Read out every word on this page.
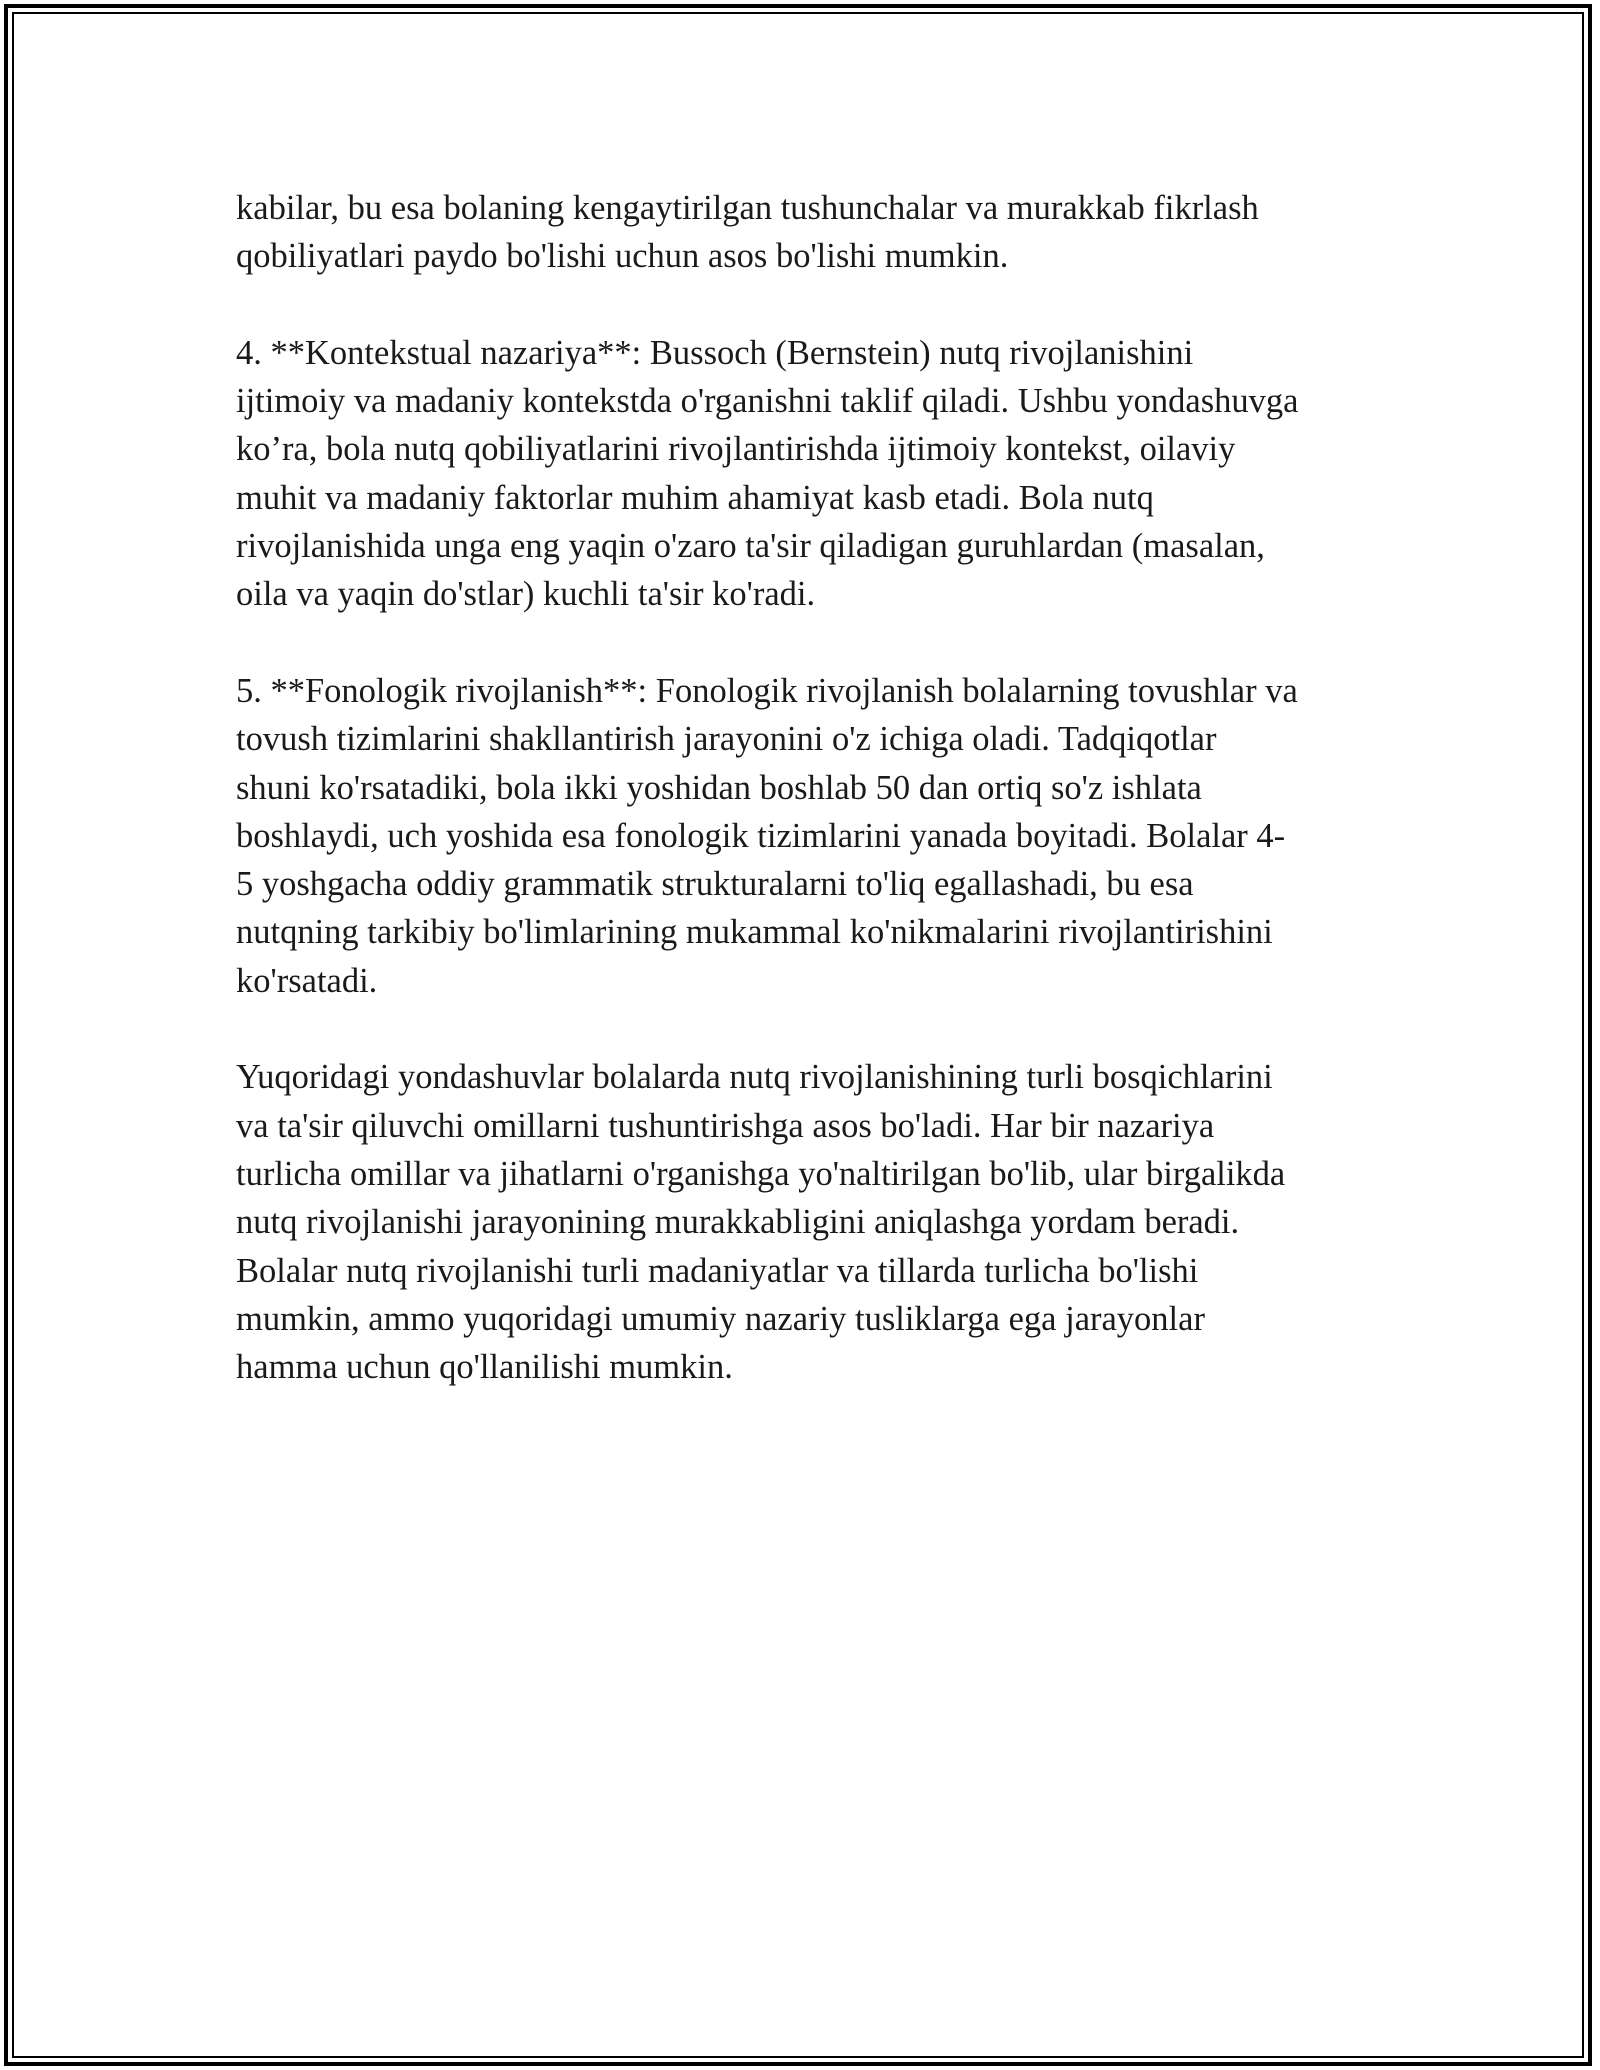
kabilar, bu esa bolaning kengaytirilgan tushunchalar va murakkab fikrlash
qobiliyatlari paydo bo'lishi uchun asos bo'lishi mumkin.

4. **Kontekstual nazariya**: Bussoch (Bernstein) nutq rivojlanishini
ijtimoiy va madaniy kontekstda o'rganishni taklif qiladi. Ushbu yondashuvga
ko’ra, bola nutq qobiliyatlarini rivojlantirishda ijtimoiy kontekst, oilaviy
muhit va madaniy faktorlar muhim ahamiyat kasb etadi. Bola nutq
rivojlanishida unga eng yaqin o'zaro ta'sir qiladigan guruhlardan (masalan,
oila va yaqin do'stlar) kuchli ta'sir ko'radi.

5. **Fonologik rivojlanish**: Fonologik rivojlanish bolalarning tovushlar va
tovush tizimlarini shakllantirish jarayonini o'z ichiga oladi. Tadqiqotlar
shuni ko'rsatadiki, bola ikki yoshidan boshlab 50 dan ortiq so'z ishlata
boshlaydi, uch yoshida esa fonologik tizimlarini yanada boyitadi. Bolalar 4-
5 yoshgacha oddiy grammatik strukturalarni to'liq egallashadi, bu esa
nutqning tarkibiy bo'limlarining mukammal ko'nikmalarini rivojlantirishini
ko'rsatadi.

Yuqoridagi yondashuvlar bolalarda nutq rivojlanishining turli bosqichlarini
va ta'sir qiluvchi omillarni tushuntirishga asos bo'ladi. Har bir nazariya
turlicha omillar va jihatlarni o'rganishga yo'naltirilgan bo'lib, ular birgalikda
nutq rivojlanishi jarayonining murakkabligini aniqlashga yordam beradi.
Bolalar nutq rivojlanishi turli madaniyatlar va tillarda turlicha bo'lishi
mumkin, ammo yuqoridagi umumiy nazariy tusliklarga ega jarayonlar
hamma uchun qo'llanilishi mumkin.
